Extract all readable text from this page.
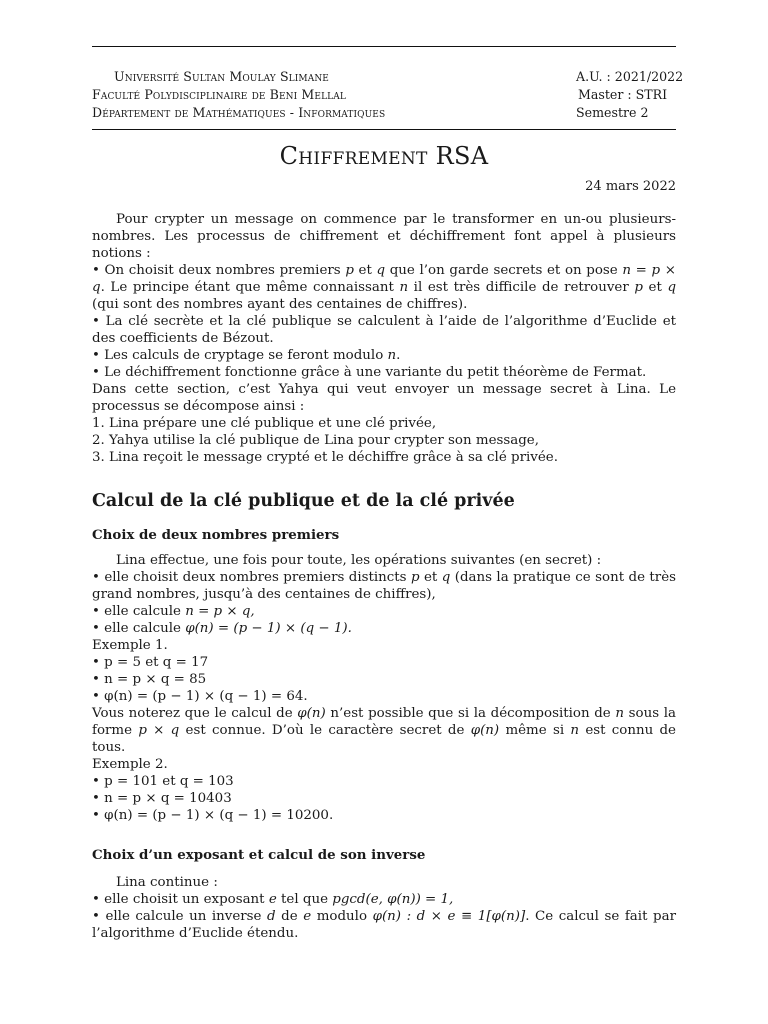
Université Sultan Moulay Slimane	A.U. : 2021/2022
Faculté Polydisciplinaire de Beni Mellal	Master : STRI
Département de Mathématiques - Informatiques	Semestre 2
Chiffrement RSA
24 mars 2022

Pour crypter un message on commence par le transformer en un-ou plusieurs- nombres. Les processus de chiffrement et déchiffrement font appel à plusieurs notions :

• On choisit deux nombres premiers p et q que l’on garde secrets et on pose n = p × q. Le principe étant que même connaissant n il est très difficile de retrouver p et q (qui sont des nombres ayant des centaines de chiffres).

• La clé secrète et la clé publique se calculent à l’aide de l’algorithme d’Euclide et des coefficients de Bézout.

• Les calculs de cryptage se feront modulo n.

• Le déchiffrement fonctionne grâce à une variante du petit théorème de Fermat.

Dans cette section, c’est Yahya qui veut envoyer un message secret à Lina. Le processus se décompose ainsi :

1. Lina prépare une clé publique et une clé privée,

2. Yahya utilise la clé publique de Lina pour crypter son message,

3. Lina reçoit le message crypté et le déchiffre grâce à sa clé privée.

Calcul de la clé publique et de la clé privée
Choix de deux nombres premiers

Lina effectue, une fois pour toute, les opérations suivantes (en secret) :

• elle choisit deux nombres premiers distincts p et q (dans la pratique ce sont de très grand nombres, jusqu’à des centaines de chiffres),

• elle calcule n = p × q,

• elle calcule φ(n) = (p − 1) × (q − 1).

Exemple 1.

• p = 5 et q = 17

• n = p × q = 85

• φ(n) = (p − 1) × (q − 1) = 64.

Vous noterez que le calcul de φ(n) n’est possible que si la décomposition de n sous la forme p × q est connue. D’où le caractère secret de φ(n) même si n est connu de tous.

Exemple 2.

• p = 101 et q = 103

• n = p × q = 10403

• φ(n) = (p − 1) × (q − 1) = 10200.

Choix d’un exposant et calcul de son inverse

Lina continue :

• elle choisit un exposant e tel que pgcd(e, φ(n)) = 1,

• elle calcule un inverse d de e modulo φ(n) : d × e ≡ 1[φ(n)]. Ce calcul se fait par l’algorithme d’Euclide étendu.
